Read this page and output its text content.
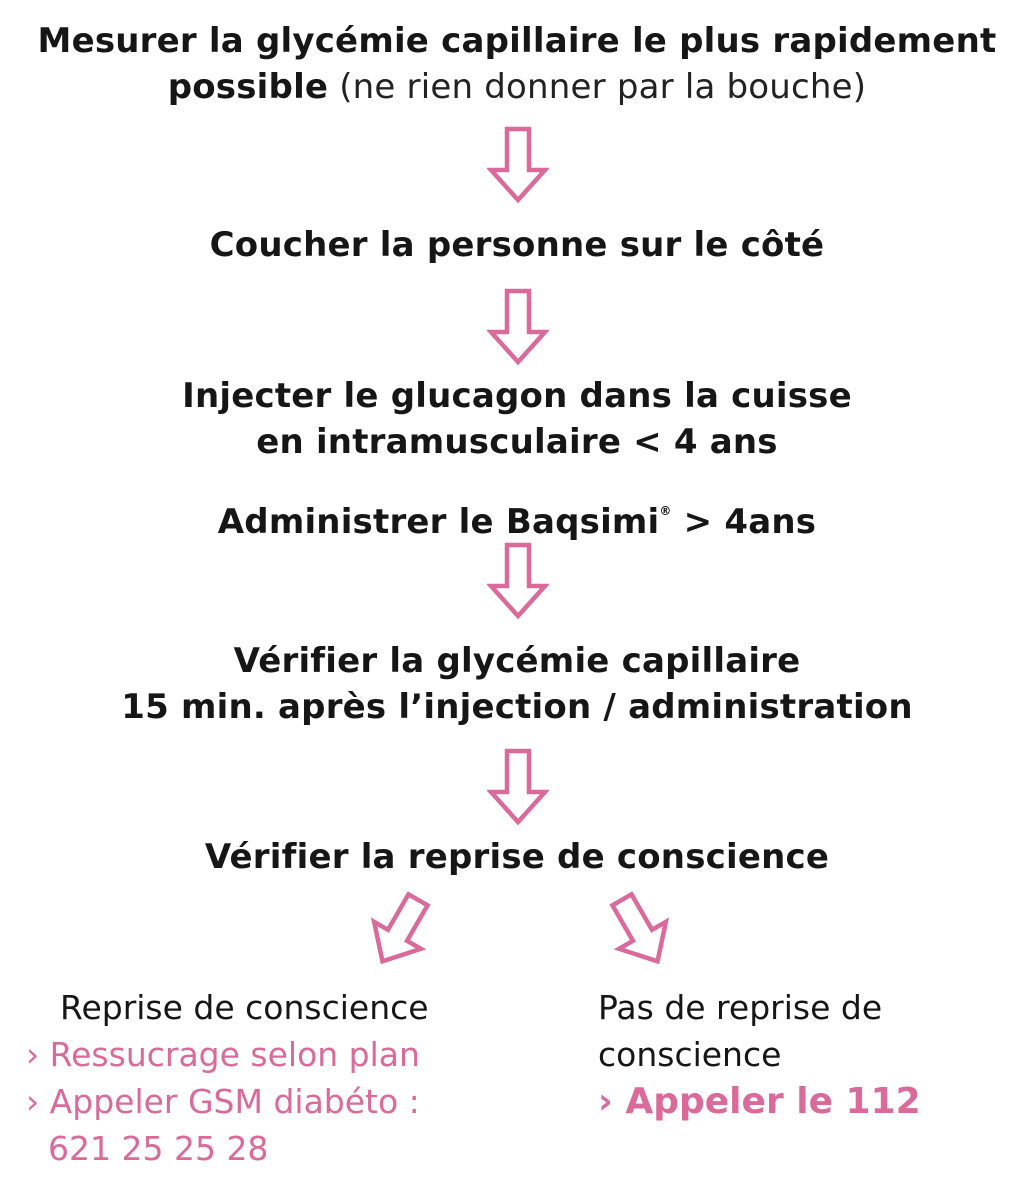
Mesurer la glycémie capillaire le plus rapidement
possible (ne rien donner par la bouche)
Coucher la personne sur le côté
Injecter le glucagon dans la cuisse
en intramusculaire < 4 ans
Administrer le Baqsimi® > 4ans
Vérifier la glycémie capillaire
15 min. après l’injection / administration
Vérifier la reprise de conscience
Reprise de conscience
› Ressucrage selon plan
› Appeler GSM diabéto :
621 25 25 28
Pas de reprise de
conscience
› Appeler le 112
